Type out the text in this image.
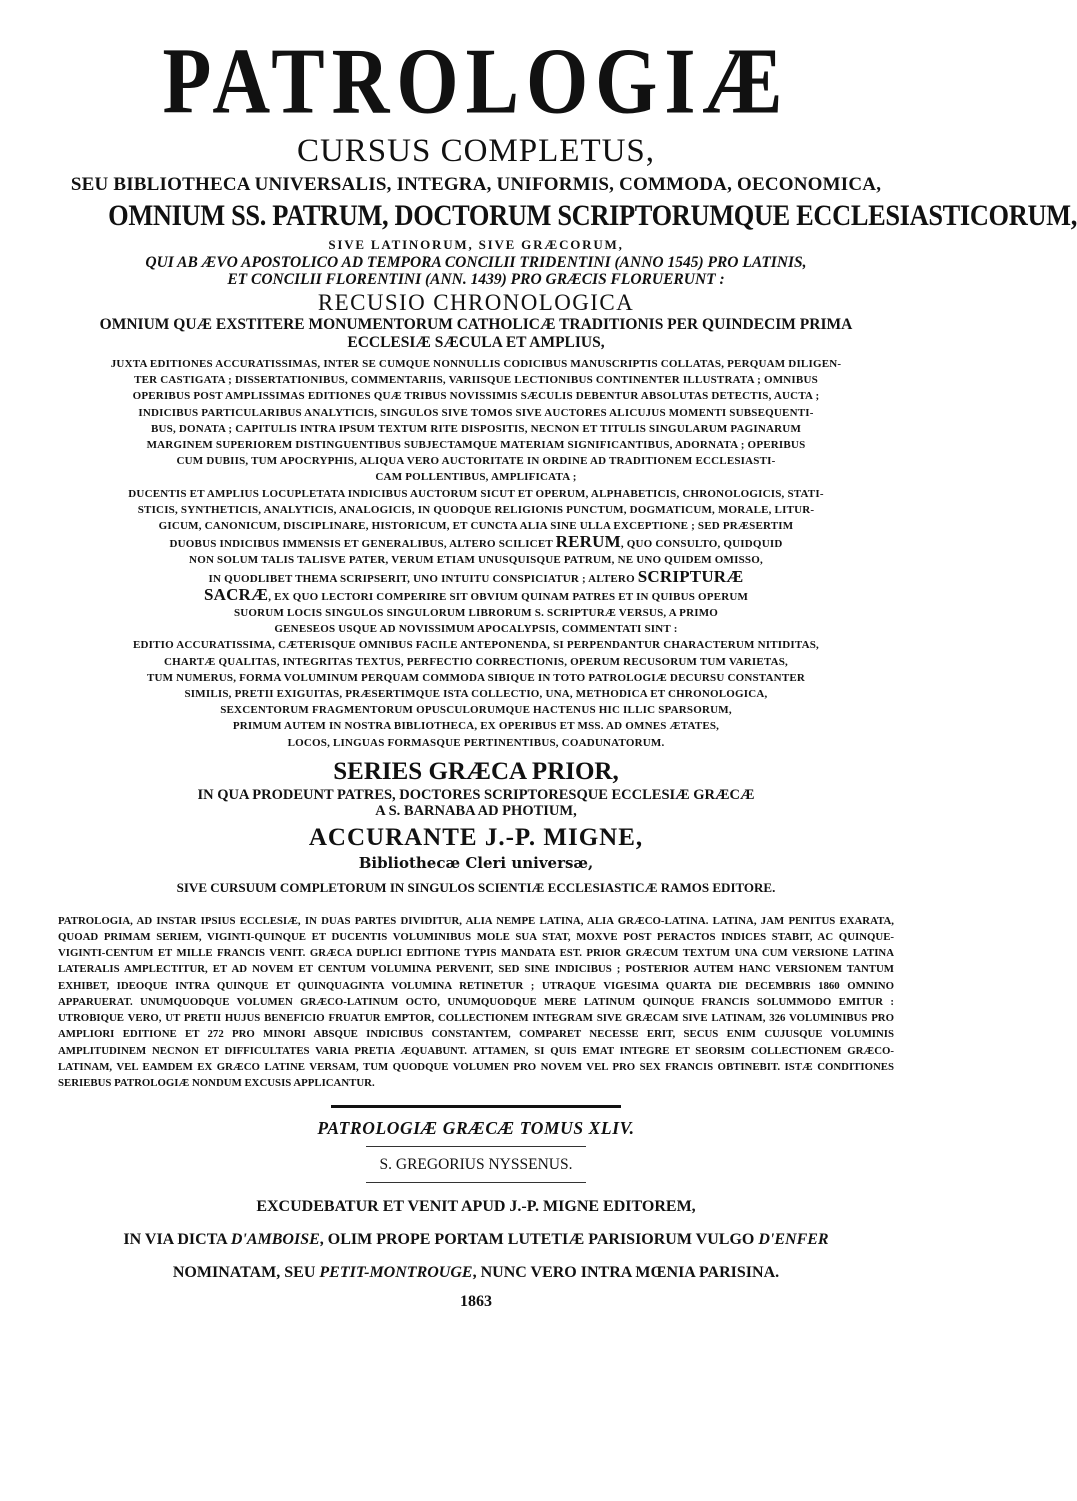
PATROLOGIÆ
CURSUS COMPLETUS,
SEU BIBLIOTHECA UNIVERSALIS, INTEGRA, UNIFORMIS, COMMODA, OECONOMICA,
OMNIUM SS. PATRUM, DOCTORUM SCRIPTORUMQUE ECCLESIASTICORUM,
SIVE LATINORUM, SIVE GRÆCORUM,
QUI AB ÆVO APOSTOLICO AD TEMPORA CONCILII TRIDENTINI (ANNO 1545) PRO LATINIS,
ET CONCILII FLORENTINI (ANN. 1439) PRO GRÆCIS FLORUERUNT :
RECUSIO CHRONOLOGICA
OMNIUM QUÆ EXSTITERE MONUMENTORUM CATHOLICÆ TRADITIONIS PER QUINDECIM PRIMA
ECCLESIÆ SÆCULA ET AMPLIUS,
JUXTA EDITIONES ACCURATISSIMAS, INTER SE CUMQUE NONNULLIS CODICIBUS MANUSCRIPTIS COLLATAS, PERQUAM DILIGEN-
TER CASTIGATA ; DISSERTATIONIBUS, COMMENTARIIS, VARIISQUE LECTIONIBUS CONTINENTER ILLUSTRATA ; OMNIBUS
OPERIBUS POST AMPLISSIMAS EDITIONES QUÆ TRIBUS NOVISSIMIS SÆCULIS DEBENTUR ABSOLUTAS DETECTIS, AUCTA ;
INDICIBUS PARTICULARIBUS ANALYTICIS, SINGULOS SIVE TOMOS SIVE AUCTORES ALICUJUS MOMENTI SUBSEQUENTI-
BUS, DONATA ; CAPITULIS INTRA IPSUM TEXTUM RITE DISPOSITIS, NECNON ET TITULIS SINGULARUM PAGINARUM
MARGINEM SUPERIOREM DISTINGUENTIBUS SUBJECTAMQUE MATERIAM SIGNIFICANTIBUS, ADORNATA ; OPERIBUS
CUM DUBIIS, TUM APOCRYPHIS, ALIQUA VERO AUCTORITATE IN ORDINE AD TRADITIONEM ECCLESIASTI-
CAM POLLENTIBUS, AMPLIFICATA ;
DUCENTIS ET AMPLIUS LOCUPLETATA INDICIBUS AUCTORUM SICUT ET OPERUM, ALPHABETICIS, CHRONOLOGICIS, STATI-
STICIS, SYNTHETICIS, ANALYTICIS, ANALOGICIS, IN QUODQUE RELIGIONIS PUNCTUM, DOGMATICUM, MORALE, LITUR-
GICUM, CANONICUM, DISCIPLINARE, HISTORICUM, ET CUNCTA ALIA SINE ULLA EXCEPTIONE ; SED PRÆSERTIM
DUOBUS INDICIBUS IMMENSIS ET GENERALIBUS, ALTERO SCILICET RERUM, QUO CONSULTO, QUIDQUID
NON SOLUM TALIS TALISVE PATER, VERUM ETIAM UNUSQUISQUE PATRUM, NE UNO QUIDEM OMISSO,
IN QUODLIBET THEMA SCRIPSERIT, UNO INTUITU CONSPICIATUR ; ALTERO SCRIPTURÆ
SACRÆ, EX QUO LECTORI COMPERIRE SIT OBVIUM QUINAM PATRES ET IN QUIBUS OPERUM
SUORUM LOCIS SINGULOS SINGULORUM LIBRORUM S. SCRIPTURÆ VERSUS, A PRIMO
GENESEOS USQUE AD NOVISSIMUM APOCALYPSIS, COMMENTATI SINT :
EDITIO ACCURATISSIMA, CÆTERISQUE OMNIBUS FACILE ANTEPONENDA, SI PERPENDANTUR CHARACTERUM NITIDITAS,
CHARTÆ QUALITAS, INTEGRITAS TEXTUS, PERFECTIO CORRECTIONIS, OPERUM RECUSORUM TUM VARIETAS,
TUM NUMERUS, FORMA VOLUMINUM PERQUAM COMMODA SIBIQUE IN TOTO PATROLOGIÆ DECURSU CONSTANTER
SIMILIS, PRETII EXIGUITAS, PRÆSERTIMQUE ISTA COLLECTIO, UNA, METHODICA ET CHRONOLOGICA,
SEXCENTORUM FRAGMENTORUM OPUSCULORUMQUE HACTENUS HIC ILLIC SPARSORUM,
PRIMUM AUTEM IN NOSTRA BIBLIOTHECA, EX OPERIBUS ET MSS. AD OMNES ÆTATES,
LOCOS, LINGUAS FORMASQUE PERTINENTIBUS, COADUNATORUM.
SERIES GRÆCA PRIOR,
IN QUA PRODEUNT PATRES, DOCTORES SCRIPTORESQUE ECCLESIÆ GRÆCÆ
A S. BARNABA AD PHOTIUM,
ACCURANTE J.-P. MIGNE,
Bibliothecæ Cleri universæ,
SIVE CURSUUM COMPLETORUM IN SINGULOS SCIENTIÆ ECCLESIASTICÆ RAMOS EDITORE.

PATROLOGIA, AD INSTAR IPSIUS ECCLESIÆ, IN DUAS PARTES DIVIDITUR, ALIA NEMPE LATINA, ALIA GRÆCO-LATINA. LATINA, JAM PENITUS EXARATA, QUOAD PRIMAM SERIEM, VIGINTI-QUINQUE ET DUCENTIS VOLUMINIBUS MOLE SUA STAT, MOXVE POST PERACTOS INDICES STABIT, AC QUINQUE-VIGINTI-CENTUM ET MILLE FRANCIS VENIT. GRÆCA DUPLICI EDITIONE TYPIS MANDATA EST. PRIOR GRÆCUM TEXTUM UNA CUM VERSIONE LATINA LATERALIS AMPLECTITUR, ET AD NOVEM ET CENTUM VOLUMINA PERVENIT, SED SINE INDICIBUS ; POSTERIOR AUTEM HANC VERSIONEM TANTUM EXHIBET, IDEOQUE INTRA QUINQUE ET QUINQUAGINTA VOLUMINA RETINETUR ; UTRAQUE VIGESIMA QUARTA DIE DECEMBRIS 1860 OMNINO APPARUERAT. UNUMQUODQUE VOLUMEN GRÆCO-LATINUM OCTO, UNUMQUODQUE MERE LATINUM QUINQUE FRANCIS SOLUMMODO EMITUR : UTROBIQUE VERO, UT PRETII HUJUS BENEFICIO FRUATUR EMPTOR, COLLECTIONEM INTEGRAM SIVE GRÆCAM SIVE LATINAM, 326 VOLUMINIBUS PRO AMPLIORI EDITIONE ET 272 PRO MINORI ABSQUE INDICIBUS CONSTANTEM, COMPARET NECESSE ERIT, SECUS ENIM CUJUSQUE VOLUMINIS AMPLITUDINEM NECNON ET DIFFICULTATES VARIA PRETIA ÆQUABUNT. ATTAMEN, SI QUIS EMAT INTEGRE ET SEORSIM COLLECTIONEM GRÆCO-LATINAM, VEL EAMDEM EX GRÆCO LATINE VERSAM, TUM QUODQUE VOLUMEN PRO NOVEM VEL PRO SEX FRANCIS OBTINEBIT. ISTÆ CONDITIONES SERIEBUS PATROLOGIÆ NONDUM EXCUSIS APPLICANTUR.

PATROLOGIÆ GRÆCÆ TOMUS XLIV.
S. GREGORIUS NYSSENUS.
EXCUDEBATUR ET VENIT APUD J.-P. MIGNE EDITOREM,
IN VIA DICTA D'AMBOISE, OLIM PROPE PORTAM LUTETIÆ PARISIORUM VULGO D'ENFER
NOMINATAM, SEU PETIT-MONTROUGE, NUNC VERO INTRA MŒNIA PARISINA.
1863
